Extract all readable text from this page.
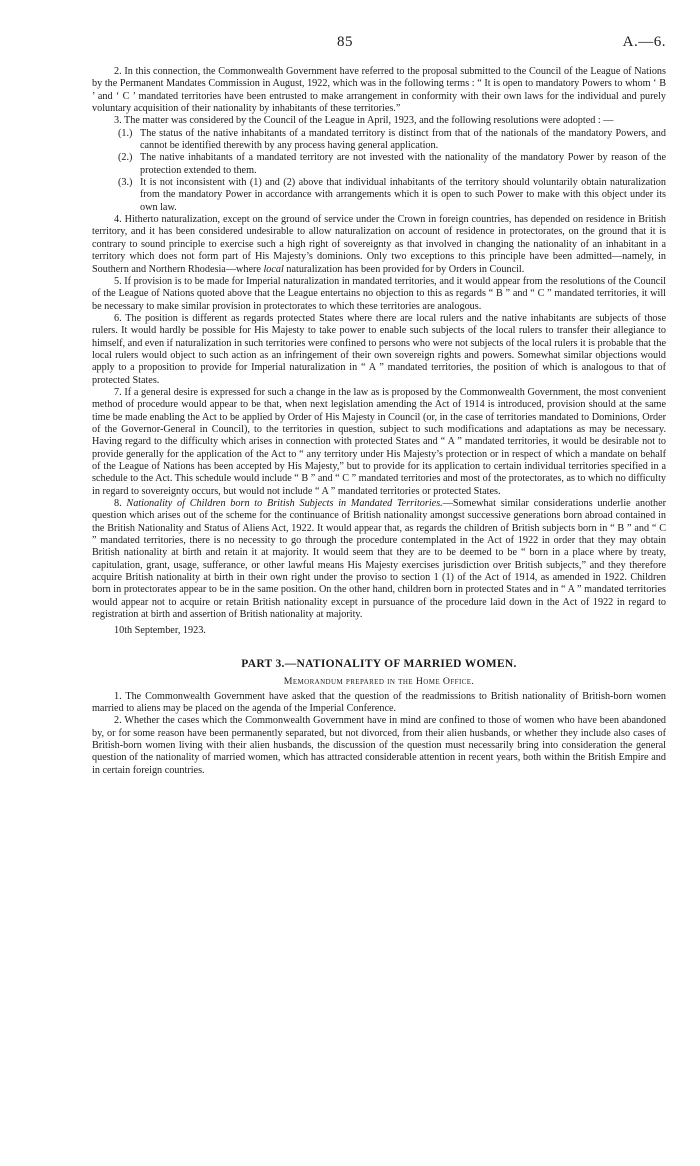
85	A.—6.

2. In this connection, the Commonwealth Government have referred to the proposal submitted to the Council of the League of Nations by the Permanent Mandates Commission in August, 1922, which was in the following terms : “ It is open to mandatory Powers to whom ‘ B ’ and ‘ C ’ mandated territories have been entrusted to make arrangement in conformity with their own laws for the individual and purely voluntary acquisition of their nationality by inhabitants of these territories.”

3. The matter was considered by the Council of the League in April, 1923, and the following resolutions were adopted : —

(1.) The status of the native inhabitants of a mandated territory is distinct from that of the nationals of the mandatory Powers, and cannot be identified therewith by any process having general application.
(2.) The native inhabitants of a mandated territory are not invested with the nationality of the mandatory Power by reason of the protection extended to them.
(3.) It is not inconsistent with (1) and (2) above that individual inhabitants of the territory should voluntarily obtain naturalization from the mandatory Power in accordance with arrangements which it is open to such Power to make with this object under its own law.

4. Hitherto naturalization, except on the ground of service under the Crown in foreign countries, has depended on residence in British territory, and it has been considered undesirable to allow naturalization on account of residence in protectorates, on the ground that it is contrary to sound principle to exercise such a high right of sovereignty as that involved in changing the nationality of an inhabitant in a territory which does not form part of His Majesty’s dominions. Only two exceptions to this principle have been admitted—namely, in Southern and Northern Rhodesia—where local naturalization has been provided for by Orders in Council.

5. If provision is to be made for Imperial naturalization in mandated territories, and it would appear from the resolutions of the Council of the League of Nations quoted above that the League entertains no objection to this as regards “ B ” and “ C ” mandated territories, it will be necessary to make similar provision in protectorates to which these territories are analogous.

6. The position is different as regards protected States where there are local rulers and the native inhabitants are subjects of those rulers. It would hardly be possible for His Majesty to take power to enable such subjects of the local rulers to transfer their allegiance to himself, and even if naturalization in such territories were confined to persons who were not subjects of the local rulers it is probable that the local rulers would object to such action as an infringement of their own sovereign rights and powers. Somewhat similar objections would apply to a proposition to provide for Imperial naturalization in “ A ” mandated territories, the position of which is analogous to that of protected States.

7. If a general desire is expressed for such a change in the law as is proposed by the Commonwealth Government, the most convenient method of procedure would appear to be that, when next legislation amending the Act of 1914 is introduced, provision should at the same time be made enabling the Act to be applied by Order of His Majesty in Council (or, in the case of territories mandated to Dominions, Order of the Governor-General in Council), to the territories in question, subject to such modifications and adaptations as may be necessary. Having regard to the difficulty which arises in connection with protected States and “ A ” mandated territories, it would be desirable not to provide generally for the application of the Act to “ any territory under His Majesty’s protection or in respect of which a mandate on behalf of the League of Nations has been accepted by His Majesty,” but to provide for its application to certain individual territories specified in a schedule to the Act. This schedule would include “ B ” and “ C ” mandated territories and most of the protectorates, as to which no difficulty in regard to sovereignty occurs, but would not include “ A ” mandated territories or protected States.

8. Nationality of Children born to British Subjects in Mandated Territories.—Somewhat similar considerations underlie another question which arises out of the scheme for the continuance of British nationality amongst successive generations born abroad contained in the British Nationality and Status of Aliens Act, 1922. It would appear that, as regards the children of British subjects born in “ B ” and “ C ” mandated territories, there is no necessity to go through the procedure contemplated in the Act of 1922 in order that they may obtain British nationality at birth and retain it at majority. It would seem that they are to be deemed to be “ born in a place where by treaty, capitulation, grant, usage, sufferance, or other lawful means His Majesty exercises jurisdiction over British subjects,” and they therefore acquire British nationality at birth in their own right under the proviso to section 1 (1) of the Act of 1914, as amended in 1922. Children born in protectorates appear to be in the same position. On the other hand, children born in protected States and in “ A ” mandated territories would appear not to acquire or retain British nationality except in pursuance of the procedure laid down in the Act of 1922 in regard to registration at birth and assertion of British nationality at majority.

10th September, 1923.

PART 3.—NATIONALITY OF MARRIED WOMEN.
Memorandum prepared in the Home Office.

1. The Commonwealth Government have asked that the question of the readmissions to British nationality of British-born women married to aliens may be placed on the agenda of the Imperial Conference.

2. Whether the cases which the Commonwealth Government have in mind are confined to those of women who have been abandoned by, or for some reason have been permanently separated, but not divorced, from their alien husbands, or whether they include also cases of British-born women living with their alien husbands, the discussion of the question must necessarily bring into consideration the general question of the nationality of married women, which has attracted considerable attention in recent years, both within the British Empire and in certain foreign countries.
